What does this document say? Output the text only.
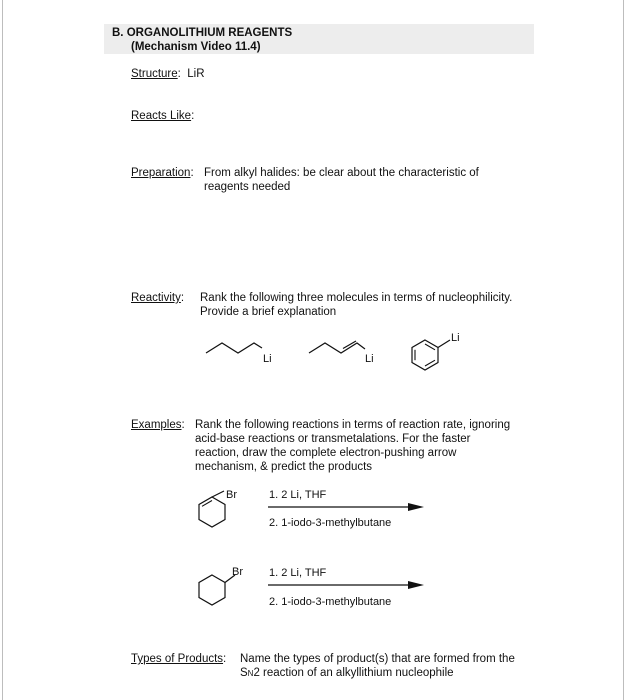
B. ORGANOLITHIUM REAGENTS
(Mechanism Video 11.4)
Structure:  LiR
Reacts Like:
Preparation: From alkyl halides: be clear about the characteristic of
reagents needed
Reactivity: Rank the following three molecules in terms of nucleophilicity.
Provide a brief explanation
Li	Li
Li
Examples: Rank the following reactions in terms of reaction rate, ignoring
acid-base reactions or transmetalations. For the faster
reaction, draw the complete electron-pushing arrow
mechanism, & predict the products
Br	1. 2 Li, THF
2. 1-iodo-3-methylbutane
Br 1. 2 Li, THF
2. 1-iodo-3-methylbutane
Types of Products: Name the types of product(s) that are formed from the
SN2 reaction of an alkyllithium nucleophile
